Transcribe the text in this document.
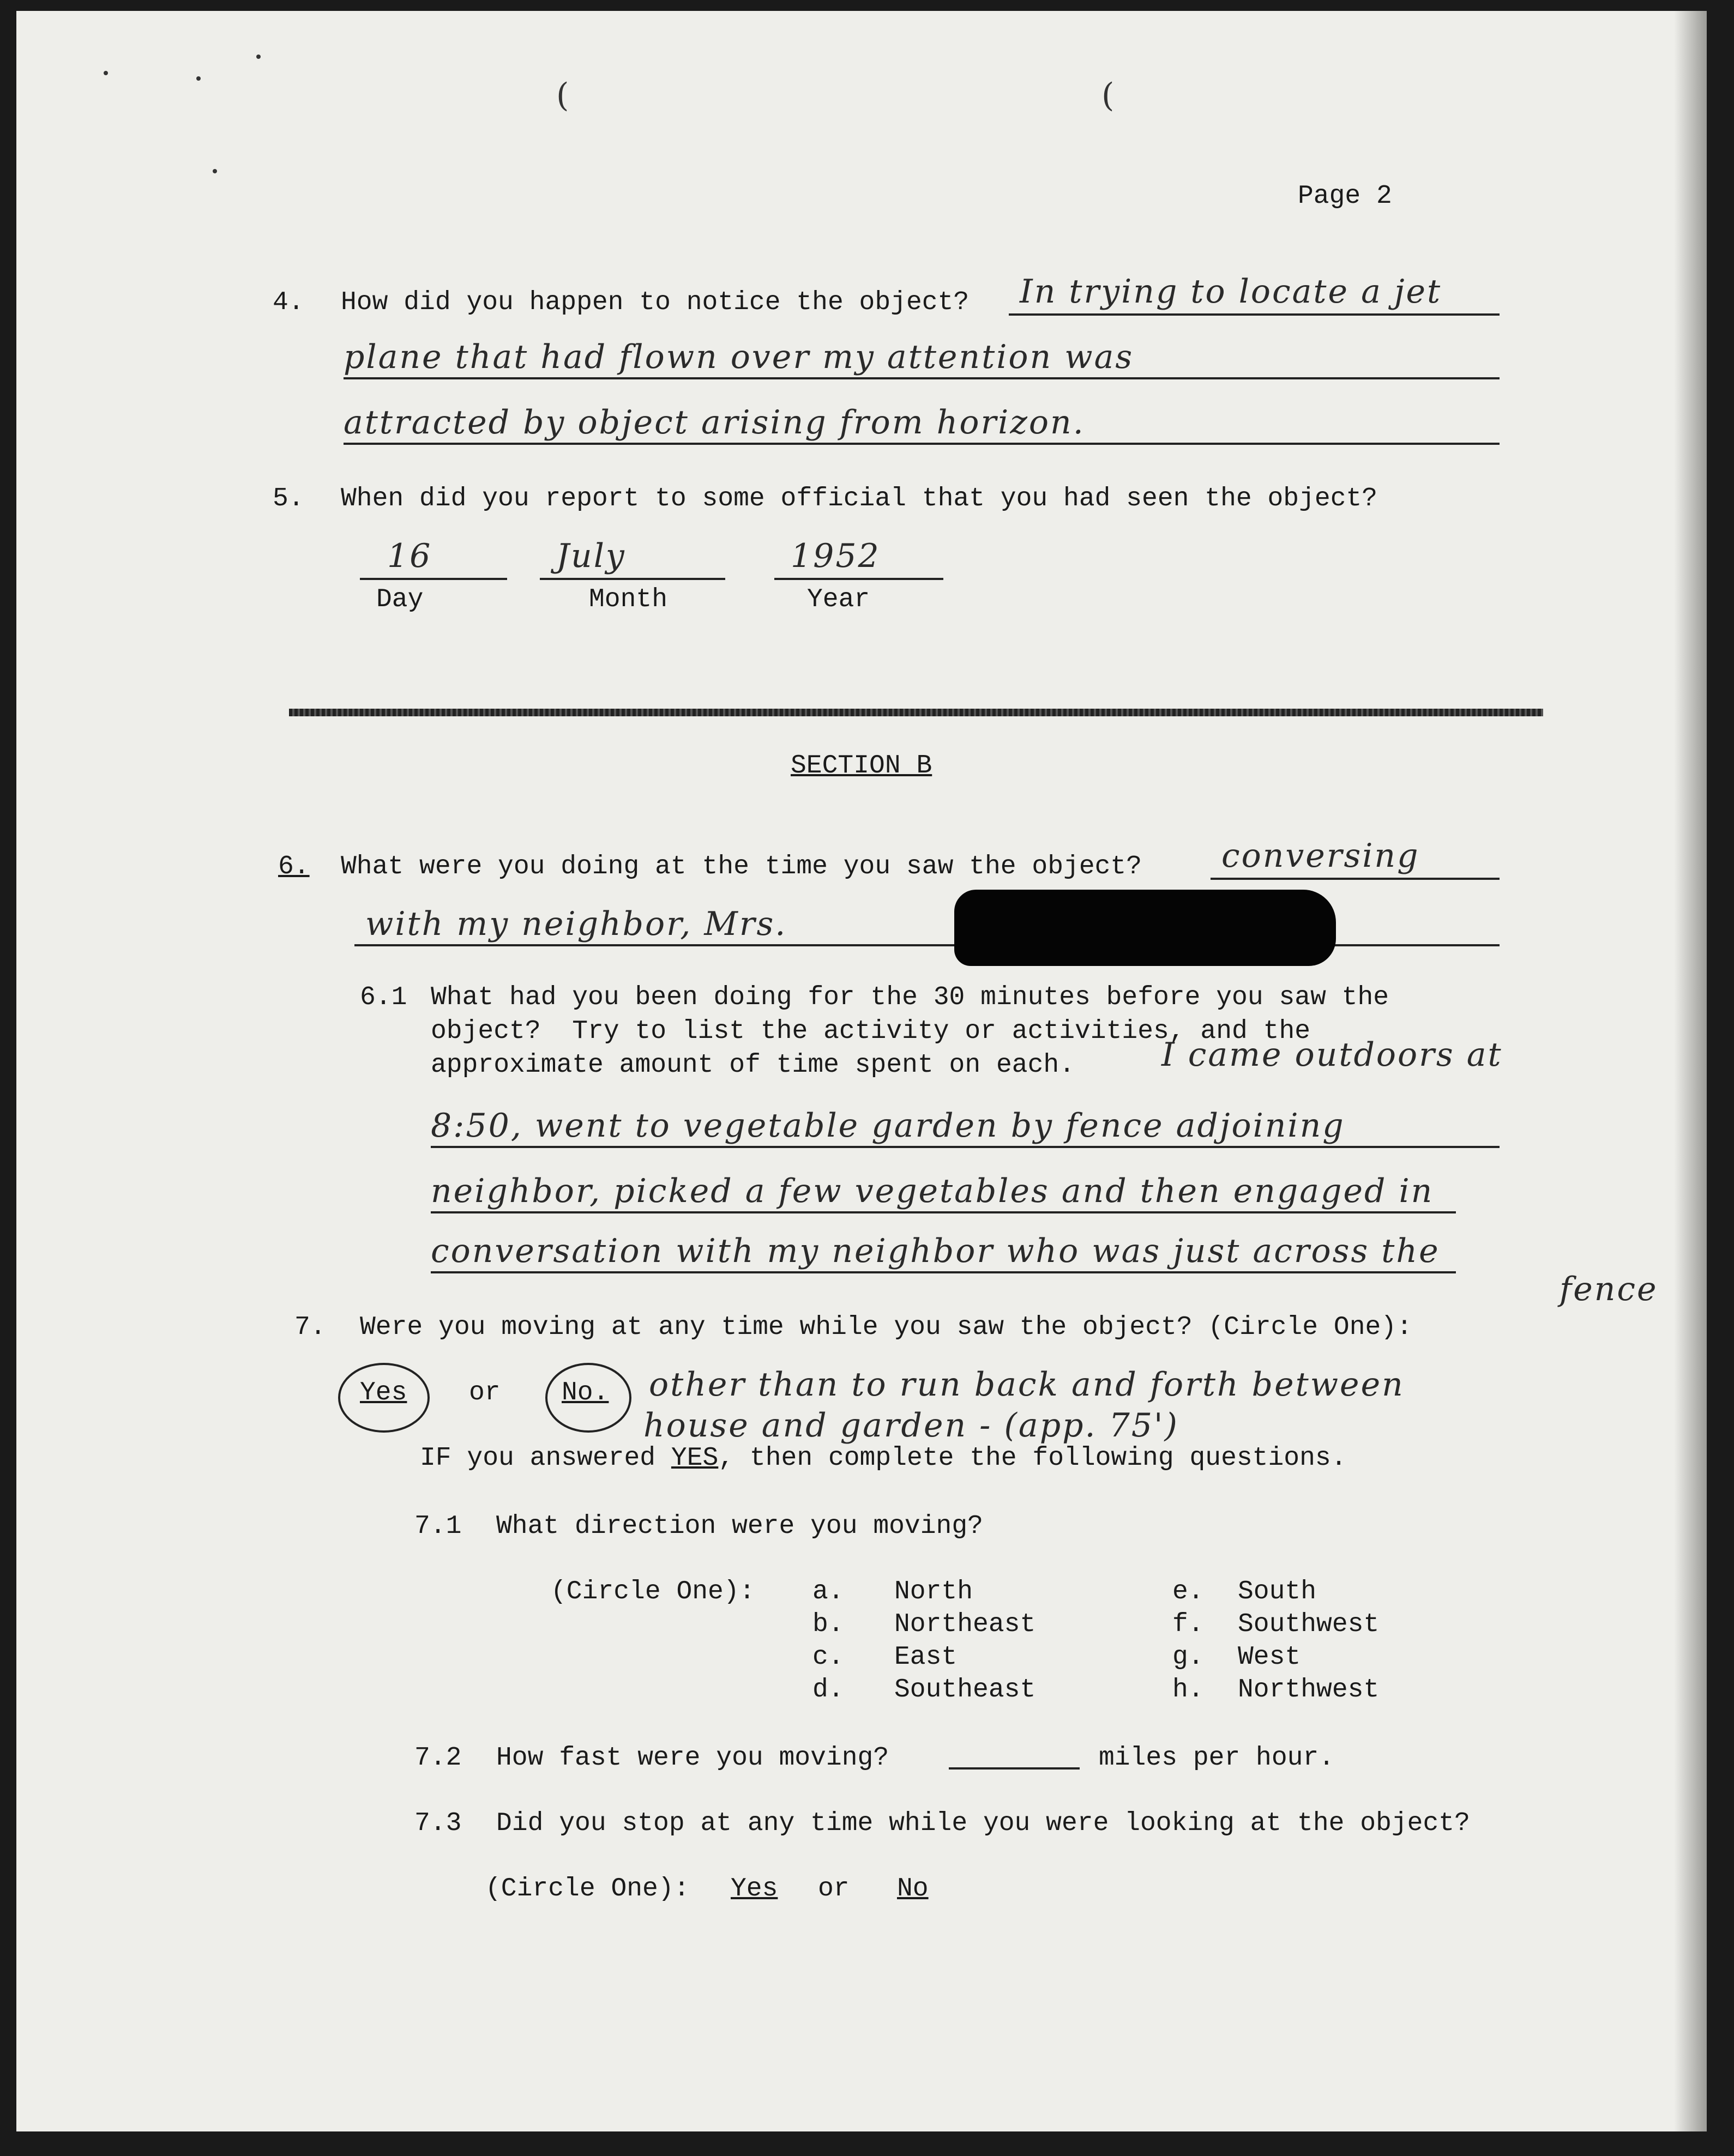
(	(
Page 2
4. How did you happen to notice the object? In trying to locate a jet
plane that had flown over my attention was
attracted by object arising from horizon.
5. When did you report to some official that you had seen the object?
16	July	1952
Day	Month	Year
SECTION B
6. What were you doing at the time you saw the object? conversing
with my neighbor, Mrs.
6.1 What had you been doing for the 30 minutes before you saw the
object?  Try to list the activity or activities, and the
approximate amount of time spent on each.	I came outdoors at
8:50, went to vegetable garden by fence adjoining
neighbor, picked a few vegetables and then engaged in
conversation with my neighbor who was just across the
fence
7. Were you moving at any time while you saw the object? (Circle One):
Yes or No. other than to run back and forth between
house and garden - (app. 75')
IF you answered YES, then complete the following questions.
7.1 What direction were you moving?
(Circle One): a. North
b. Northeast
c. East
d. Southeast
e. South
f. Southwest
g. West
h. Northwest
7.2 How fast were you moving?	miles per hour.
7.3 Did you stop at any time while you were looking at the object?
(Circle One): Yes or No
